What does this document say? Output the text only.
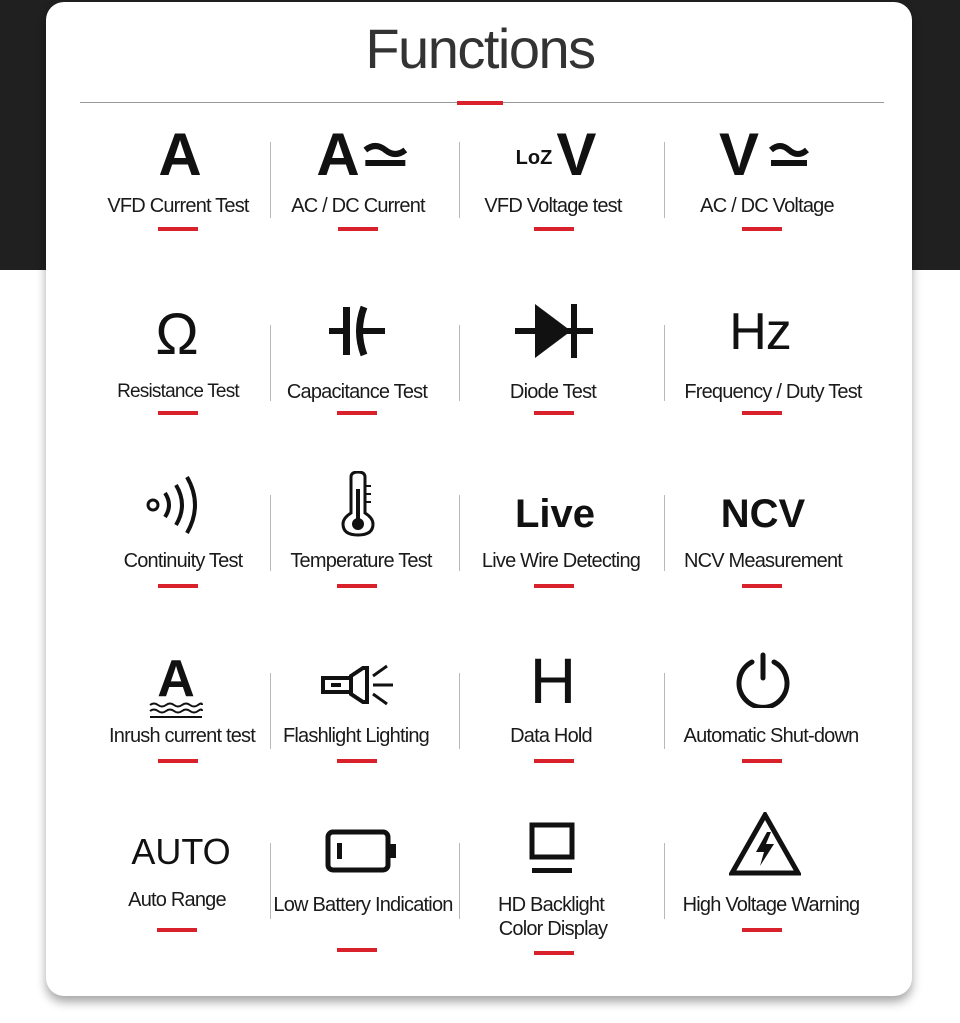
Functions
A
VFD Current Test
A
AC / DC Current
LoZ V
VFD Voltage test
V
AC / DC Voltage
Ω
Resistance Test Capacitance Test	Diode Test
Hz
Frequency / Duty Test
Continuity Test Temperature Test
Live
Live Wire Detecting
NCV
NCV Measurement
A
Inrush current test Flashlight Lighting
H
Data Hold	Automatic Shut-down
AUTO
Auto Range Low Battery Indication HD Backlight
Color Display
High Voltage Warning
